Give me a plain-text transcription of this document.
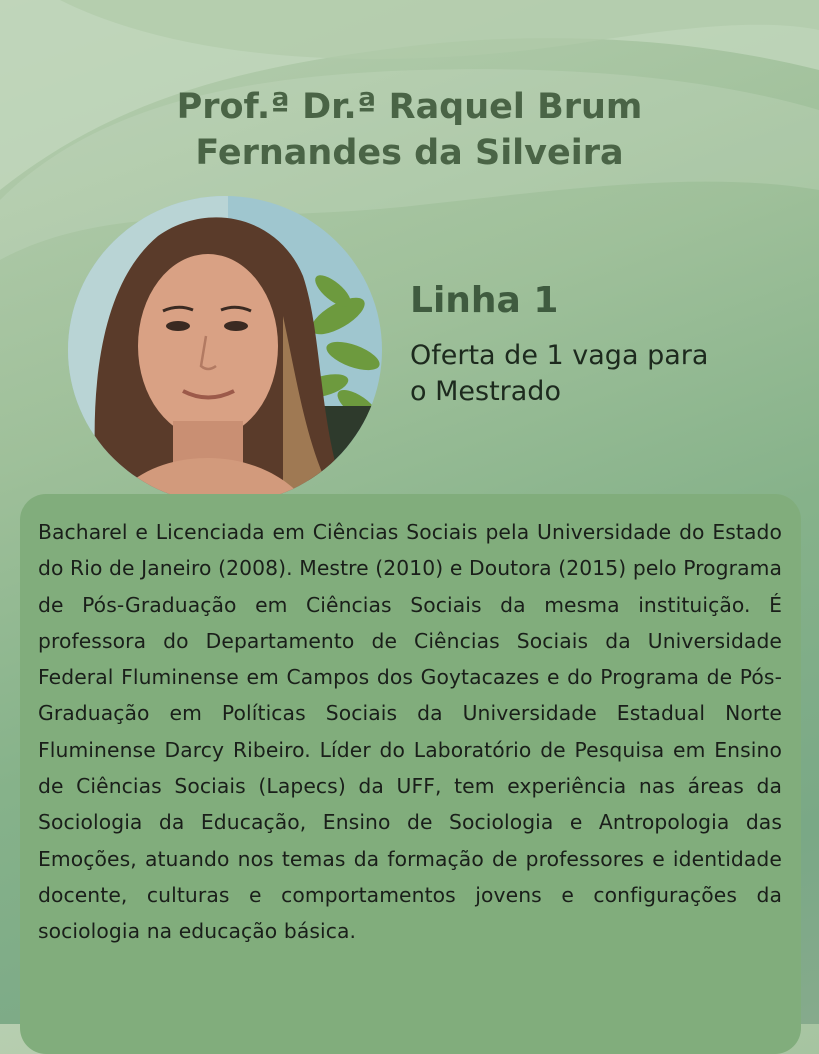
Prof.ª Dr.ª Raquel Brum
Fernandes da Silveira
Linha 1
Oferta de 1 vaga para
o Mestrado
Bacharel e Licenciada em Ciências Sociais pela Universidade do Estado do Rio de Janeiro (2008). Mestre (2010) e Doutora (2015) pelo Programa de Pós-Graduação em Ciências Sociais da mesma instituição. É professora do Departamento de Ciências Sociais da Universidade Federal Fluminense em Campos dos Goytacazes e do Programa de Pós- Graduação em Políticas Sociais da Universidade Estadual Norte Fluminense Darcy Ribeiro. Líder do Laboratório de Pesquisa em Ensino de Ciências Sociais (Lapecs) da UFF, tem experiência nas áreas da Sociologia da Educação, Ensino de Sociologia e Antropologia das Emoções, atuando nos temas da formação de professores e identidade docente, culturas e comportamentos jovens e configurações da sociologia na educação básica.
